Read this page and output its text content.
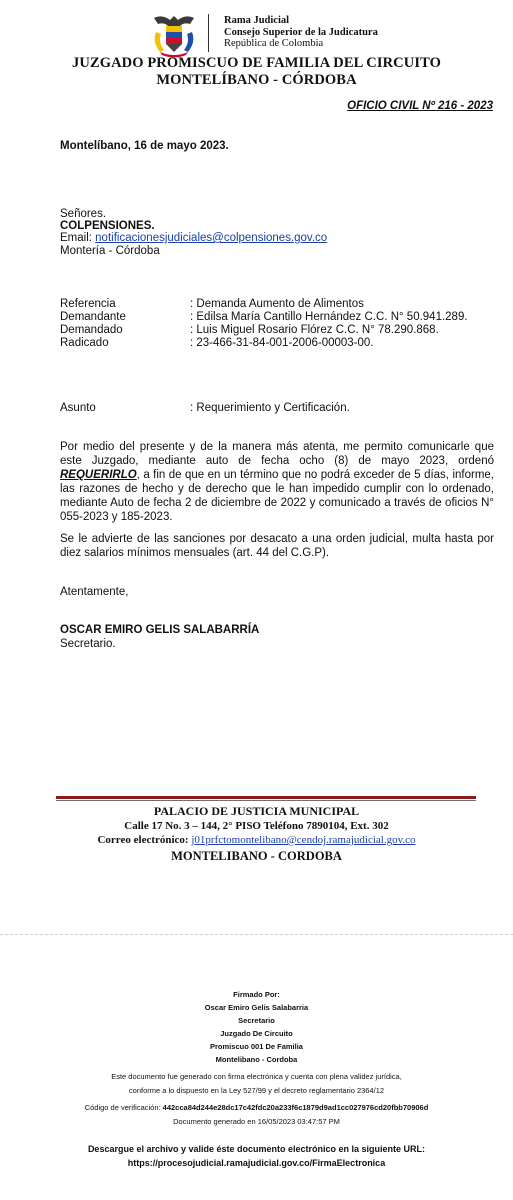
Rama Judicial
Consejo Superior de la Judicatura
República de Colombia
JUZGADO PROMISCUO DE FAMILIA DEL CIRCUITO
MONTELÍBANO - CÓRDOBA
OFICIO CIVIL Nº 216 - 2023
Montelíbano, 16 de mayo 2023.
Señores.
COLPENSIONES.
Email: notificacionesjudiciales@colpensiones.gov.co
Montería - Córdoba
Referencia	: Demanda Aumento de Alimentos
Demandante	: Edilsa María Cantillo Hernández C.C. N° 50.941.289.
Demandado	: Luis Miguel Rosario Flórez C.C. N° 78.290.868.
Radicado	: 23-466-31-84-001-2006-00003-00.
Asunto	: Requerimiento y Certificación.
Por medio del presente y de la manera más atenta, me permito comunicarle que este Juzgado, mediante auto de fecha ocho (8) de mayo 2023, ordenó REQUERIRLO, a fin de que en un término que no podrá exceder de 5 días, informe, las razones de hecho y de derecho que le han impedido cumplir con lo ordenado, mediante Auto de fecha 2 de diciembre de 2022 y comunicado a través de oficios N° 055-2023 y 185-2023.
Se le advierte de las sanciones por desacato a una orden judicial, multa hasta por diez salarios mínimos mensuales (art. 44 del C.G.P).
Atentamente,
OSCAR EMIRO GELIS SALABARRÍA
Secretario.
PALACIO DE JUSTICIA MUNICIPAL
Calle 17 No. 3 – 144, 2° PISO Teléfono 7890104, Ext. 302
Correo electrónico: j01prfctomontelibano@cendoj.ramajudicial.gov.co
MONTELIBANO - CORDOBA
Firmado Por:
Oscar Emiro Gelis Salabarria
Secretario
Juzgado De Circuito
Promiscuo 001 De Familia
Montelibano - Cordoba
Este documento fue generado con firma electrónica y cuenta con plena validez jurídica,
conforme a lo dispuesto en la Ley 527/99 y el decreto reglamentario 2364/12
Código de verificación: 442cca84d244e28dc17c42fdc20a233f6c1879d9ad1cc027976cd20fbb70906d
Documento generado en 16/05/2023 03:47:57 PM
Descargue el archivo y valide éste documento electrónico en la siguiente URL:
https://procesojudicial.ramajudicial.gov.co/FirmaElectronica
